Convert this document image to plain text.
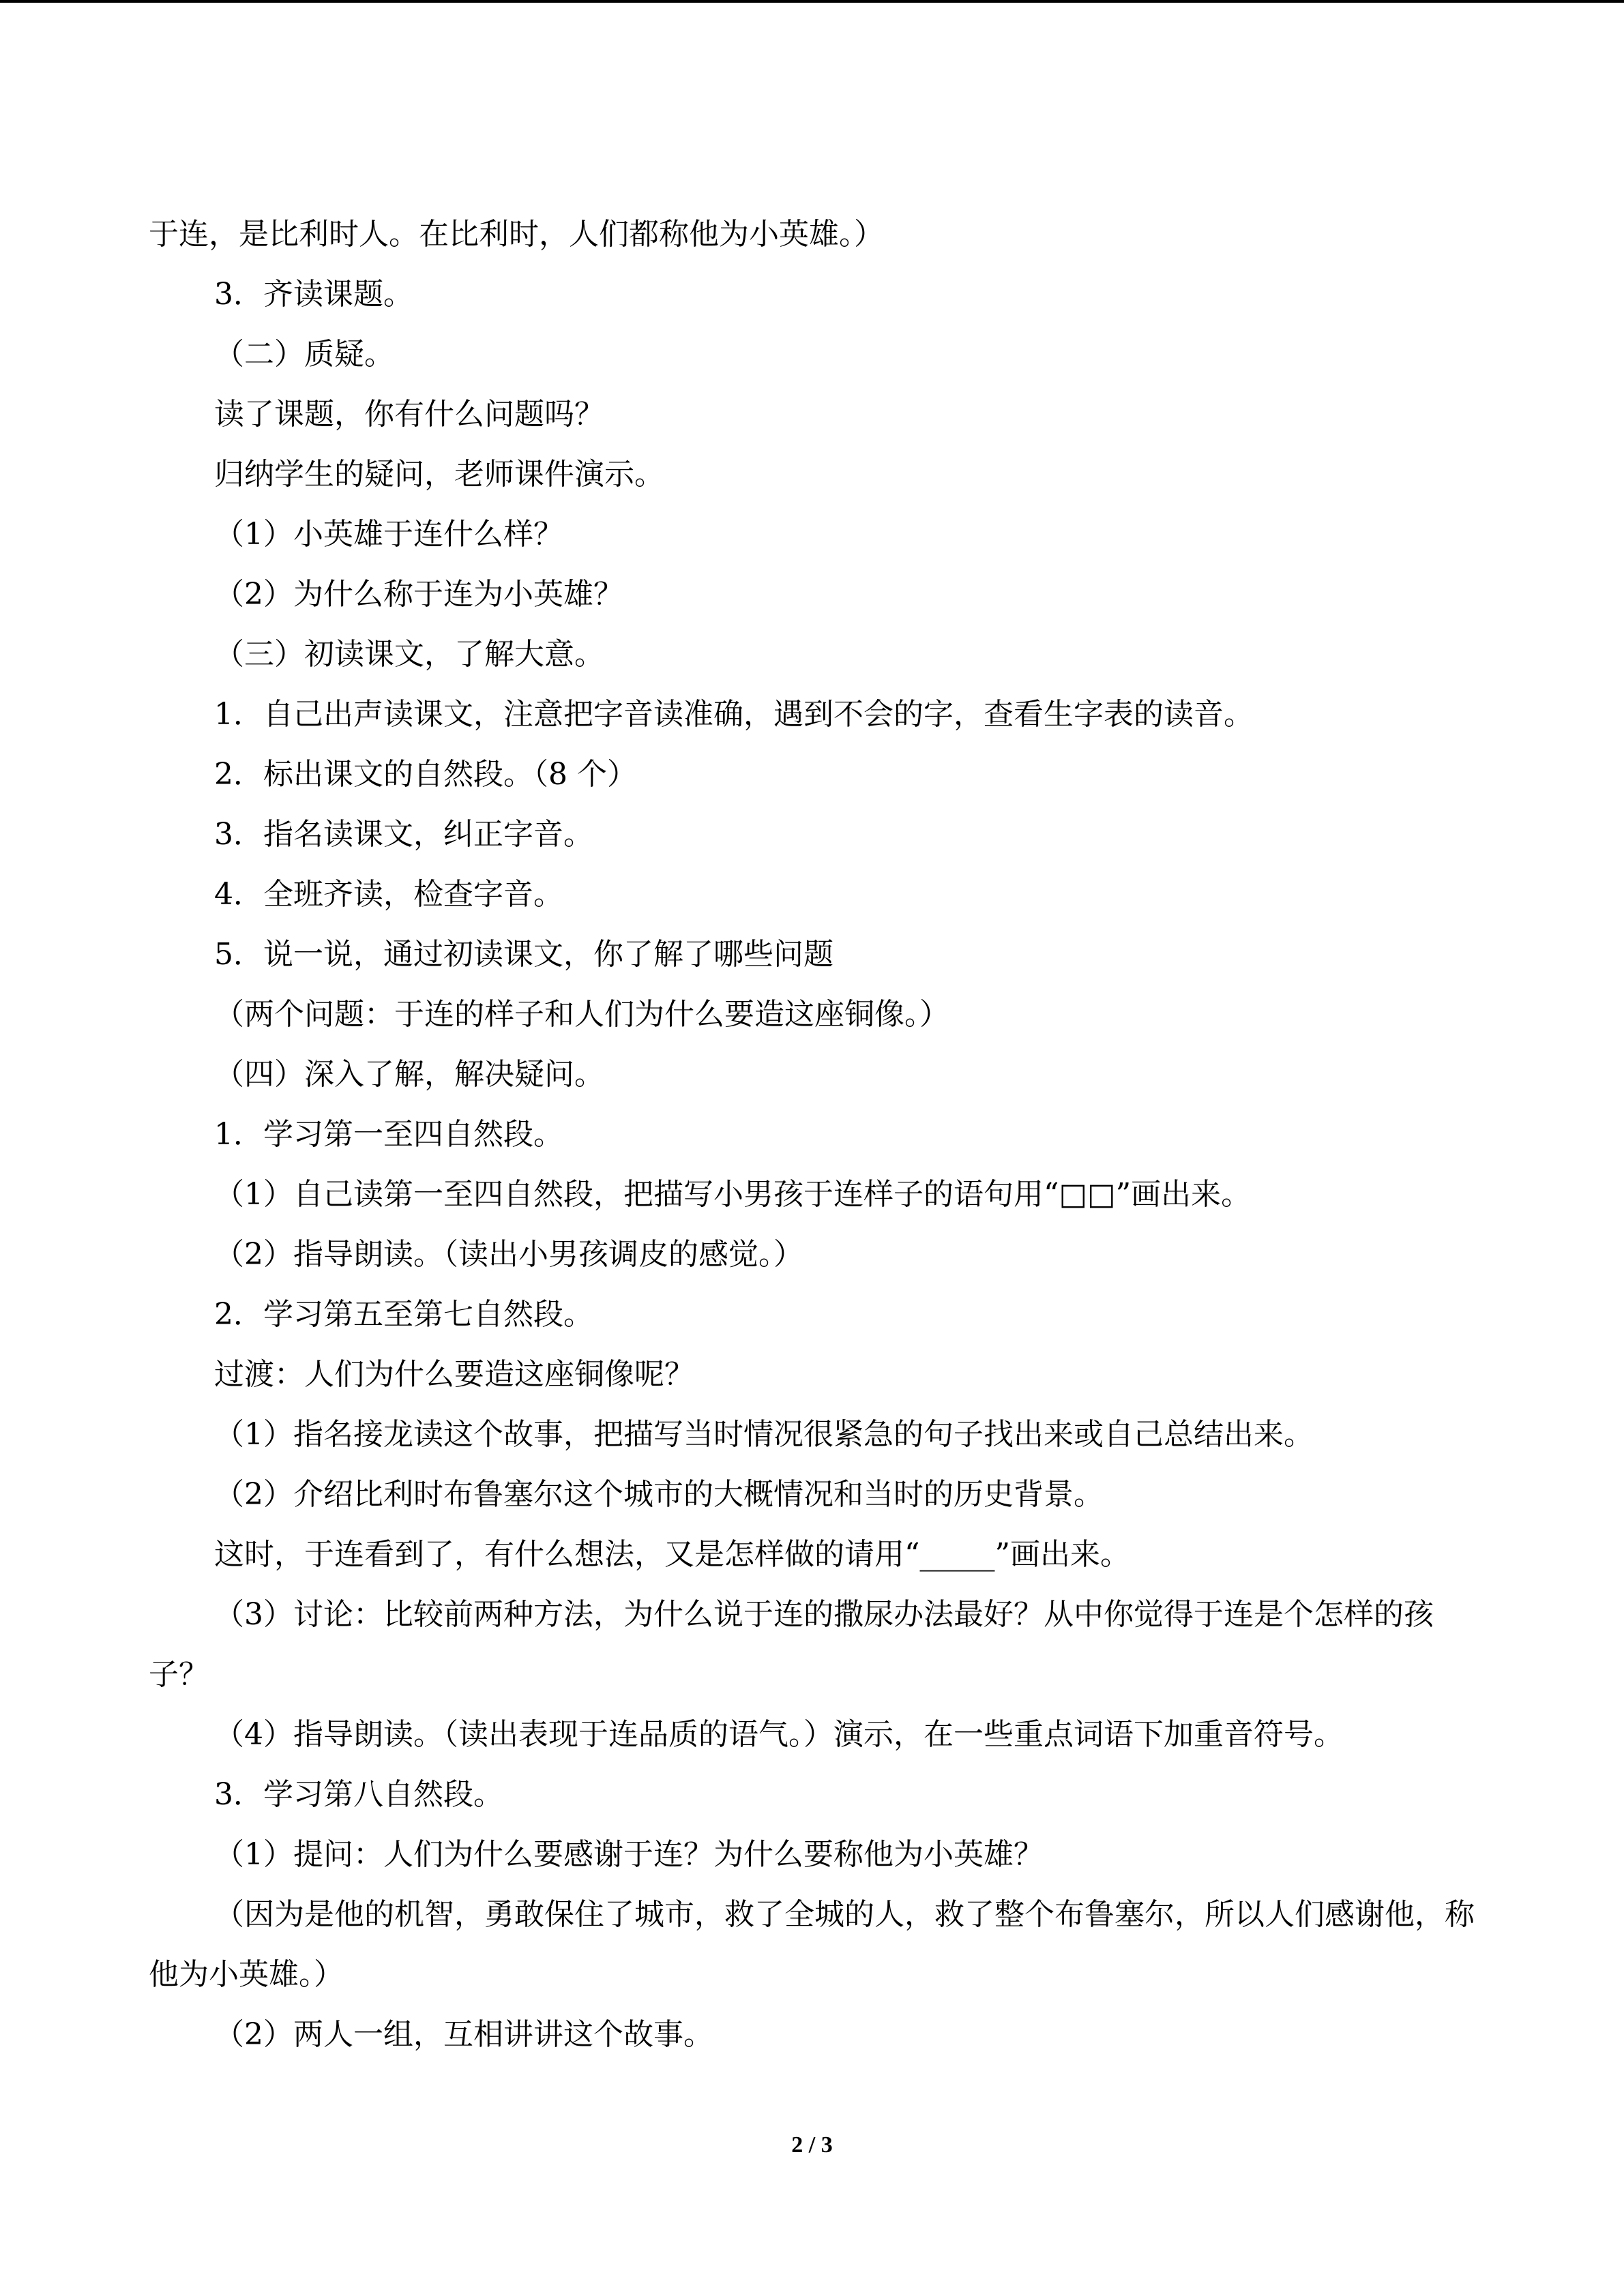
于连，是比利时人。在比利时，人们都称他为小英雄。）

3．齐读课题。

（二）质疑。

读了课题，你有什么问题吗？

归纳学生的疑问，老师课件演示。

（1）小英雄于连什么样？

（2）为什么称于连为小英雄？

（三）初读课文，了解大意。

1．自己出声读课文，注意把字音读准确，遇到不会的字，查看生字表的读音。

2．标出课文的自然段。（8 个）

3．指名读课文，纠正字音。

4．全班齐读，检查字音。

5．说一说，通过初读课文，你了解了哪些问题

（两个问题：于连的样子和人们为什么要造这座铜像。）

（四）深入了解，解决疑问。

1．学习第一至四自然段。

（1）自己读第一至四自然段，把描写小男孩于连样子的语句用“□□”画出来。

（2）指导朗读。（读出小男孩调皮的感觉。）

2．学习第五至第七自然段。

过渡：人们为什么要造这座铜像呢？

（1）指名接龙读这个故事，把描写当时情况很紧急的句子找出来或自己总结出来。

（2）介绍比利时布鲁塞尔这个城市的大概情况和当时的历史背景。

这时，于连看到了，有什么想法，又是怎样做的请用“_____”画出来。

（3）讨论：比较前两种方法，为什么说于连的撒尿办法最好？从中你觉得于连是个怎样的孩子？

（4）指导朗读。（读出表现于连品质的语气。）演示，在一些重点词语下加重音符号。

3．学习第八自然段。

（1）提问：人们为什么要感谢于连？为什么要称他为小英雄？

（因为是他的机智，勇敢保住了城市，救了全城的人，救了整个布鲁塞尔，所以人们感谢他，称他为小英雄。）

（2）两人一组，互相讲讲这个故事。

2 / 3
